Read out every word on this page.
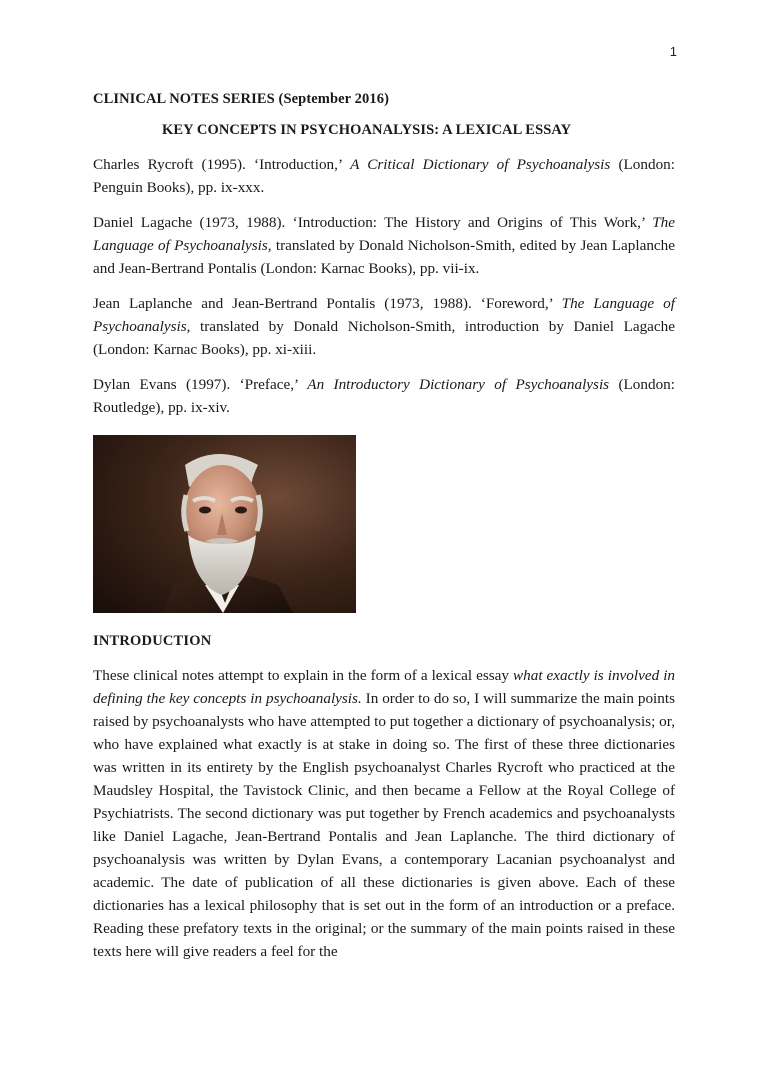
1
CLINICAL NOTES SERIES (September 2016)
KEY CONCEPTS IN PSYCHOANALYSIS: A LEXICAL ESSAY

Charles Rycroft (1995). ‘Introduction,’ A Critical Dictionary of Psychoanalysis (London: Penguin Books), pp. ix-xxx.

Daniel Lagache (1973, 1988). ‘Introduction: The History and Origins of This Work,’ The Language of Psychoanalysis, translated by Donald Nicholson-Smith, edited by Jean Laplanche and Jean-Bertrand Pontalis (London: Karnac Books), pp. vii-ix.

Jean Laplanche and Jean-Bertrand Pontalis (1973, 1988). ‘Foreword,’ The Language of Psychoanalysis, translated by Donald Nicholson-Smith, introduction by Daniel Lagache (London: Karnac Books), pp. xi-xiii.

Dylan Evans (1997). ‘Preface,’ An Introductory Dictionary of Psychoanalysis (London: Routledge), pp. ix-xiv.

INTRODUCTION

These clinical notes attempt to explain in the form of a lexical essay what exactly is involved in defining the key concepts in psychoanalysis. In order to do so, I will summarize the main points raised by psychoanalysts who have attempted to put together a dictionary of psychoanalysis; or, who have explained what exactly is at stake in doing so. The first of these three dictionaries was written in its entirety by the English psychoanalyst Charles Rycroft who practiced at the Maudsley Hospital, the Tavistock Clinic, and then became a Fellow at the Royal College of Psychiatrists. The second dictionary was put together by French academics and psychoanalysts like Daniel Lagache, Jean-Bertrand Pontalis and Jean Laplanche. The third dictionary of psychoanalysis was written by Dylan Evans, a contemporary Lacanian psychoanalyst and academic. The date of publication of all these dictionaries is given above. Each of these dictionaries has a lexical philosophy that is set out in the form of an introduction or a preface. Reading these prefatory texts in the original; or the summary of the main points raised in these texts here will give readers a feel for the
